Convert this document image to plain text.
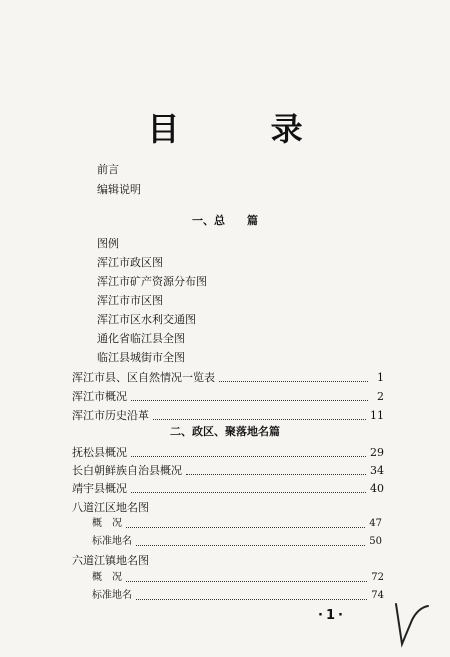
目 录
前言
编辑说明
一、总　　篇
图例
浑江市政区图
浑江市矿产资源分布图
浑江市市区图
浑江市区水利交通图
通化省临江县全图
临江县城街市全图
浑江市县、区自然情况一览表	1
浑江市概况	2
浑江市历史沿革	11
二、政区、聚落地名篇
抚松县概况	29
长白朝鲜族自治县概况	34
靖宇县概况	40
八道江区地名图
概　况	47
标准地名	50
六道江镇地名图
概　况	72
标准地名	74
·1·
